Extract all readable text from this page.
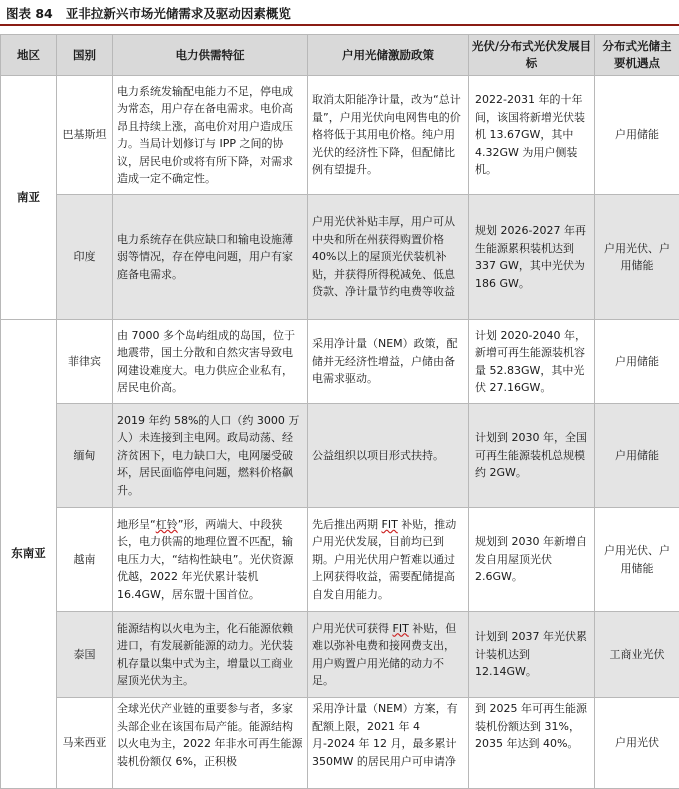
图表 84 亚非拉新兴市场光储需求及驱动因素概览
地区	国别	电力供需特征	户用光储激励政策	光伏/分布式光伏发展目标	分布式光储主要机遇点
南亚	巴基斯坦	电力系统发输配电能力不足，停电成为常态，用户存在备电需求。电价高昂且持续上涨，高电价对用户造成压力。当局计划修订与 IPP 之间的协议，居民电价或将有所下降，对需求造成一定不确定性。	取消太阳能净计量，改为“总计量”，户用光伏向电网售电的价格将低于其用电价格。纯户用光伏的经济性下降，但配储比例有望提升。	2022-2031 年的十年间，该国将新增光伏装机 13.67GW，其中 4.32GW 为用户侧装机。	户用储能
	印度	电力系统存在供应缺口和输电设施薄弱等情况，存在停电问题，用户有家庭备电需求。	户用光伏补贴丰厚，用户可从中央和所在州获得购置价格 40%以上的屋顶光伏装机补贴，并获得所得税减免、低息贷款、净计量节约电费等收益	规划 2026-2027 年再生能源累积装机达到 337 GW，其中光伏为 186 GW。	户用光伏、户用储能
东南亚	菲律宾	由 7000 多个岛屿组成的岛国，位于地震带，国土分散和自然灾害导致电网建设难度大。电力供应企业私有，居民电价高。	采用净计量（NEM）政策，配储并无经济性增益，户储由备电需求驱动。	计划 2020-2040 年，新增可再生能源装机容量 52.83GW，其中光伏 27.16GW。	户用储能
	缅甸	2019 年约 58%的人口（约 3000 万人）未连接到主电网。政局动荡、经济贫困下，电力缺口大，电网屡受破坏，居民面临停电问题，燃料价格飙升。	公益组织以项目形式扶持。	计划到 2030 年，全国可再生能源装机总规模约 2GW。	户用储能
	越南	地形呈“杠铃”形，两端大、中段狭长，电力供需的地理位置不匹配，输电压力大，“结构性缺电”。光伏资源优越，2022 年光伏累计装机 16.4GW，居东盟十国首位。	先后推出两期 FIT 补贴，推动户用光伏发展，目前均已到期。户用光伏用户暂难以通过上网获得收益，需要配储提高自发自用能力。	规划到 2030 年新增自发自用屋顶光伏 2.6GW。	户用光伏、户用储能
	泰国	能源结构以火电为主，化石能源依赖进口，有发展新能源的动力。光伏装机存量以集中式为主，增量以工商业屋顶光伏为主。	户用光伏可获得 FIT 补贴，但难以弥补电费和接网费支出，用户购置户用光储的动力不足。	计划到 2037 年光伏累计装机达到 12.14GW。	工商业光伏
	马来西亚	全球光伏产业链的重要参与者，多家头部企业在该国布局产能。能源结构以火电为主，2022 年非水可再生能源装机份额仅 6%，正积极	采用净计量（NEM）方案，有配额上限，2021 年 4 月-2024 年 12 月，最多累计 350MW 的居民用户可申请净	到 2025 年可再生能源装机份额达到 31%，2035 年达到 40%。	户用光伏
